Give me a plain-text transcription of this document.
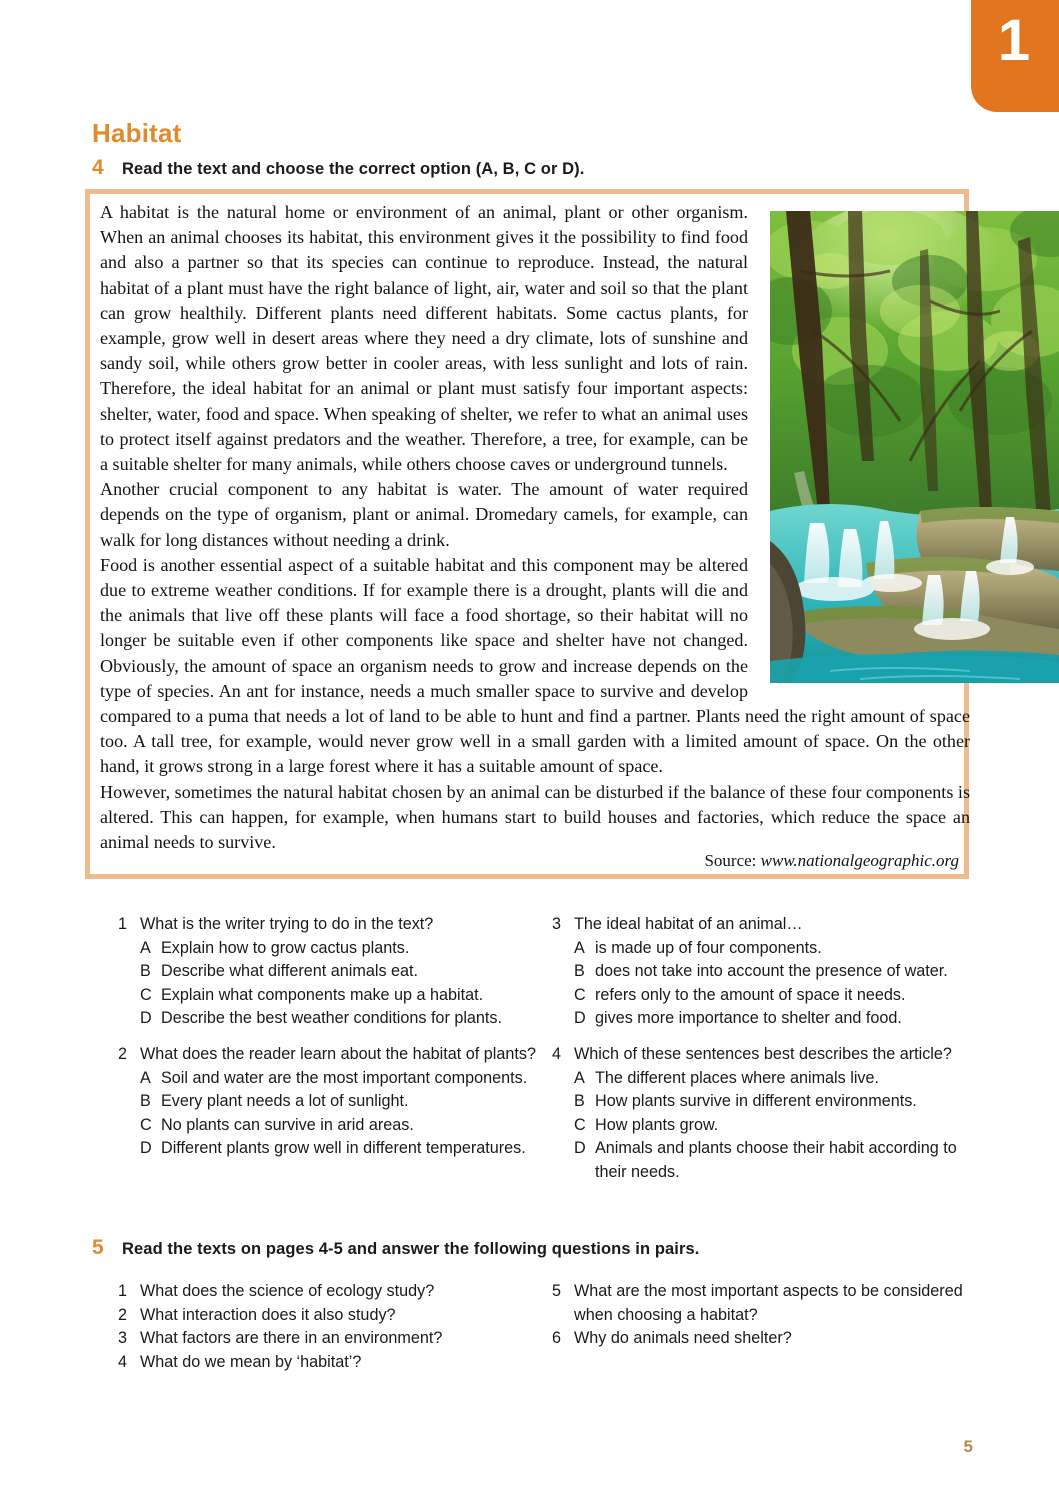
1
Habitat
4	Read the text and choose the correct option (A, B, C or D).

A habitat is the natural home or environment of an animal, plant or other organism. When an animal chooses its habitat, this environment gives it the possibility to find food and also a partner so that its species can continue to reproduce. Instead, the natural habitat of a plant must have the right balance of light, air, water and soil so that the plant can grow healthily. Different plants need different habitats. Some cactus plants, for example, grow well in desert areas where they need a dry climate, lots of sunshine and sandy soil, while others grow better in cooler areas, with less sunlight and lots of rain. Therefore, the ideal habitat for an animal or plant must satisfy four important aspects: shelter, water, food and space. When speaking of shelter, we refer to what an animal uses to protect itself against predators and the weather. Therefore, a tree, for example, can be a suitable shelter for many animals, while others choose caves or underground tunnels.

Another crucial component to any habitat is water. The amount of water required depends on the type of organism, plant or animal. Dromedary camels, for example, can walk for long distances without needing a drink.

Food is another essential aspect of a suitable habitat and this component may be altered due to extreme weather conditions. If for example there is a drought, plants will die and the animals that live off these plants will face a food shortage, so their habitat will no longer be suitable even if other components like space and shelter have not changed. Obviously, the amount of space an organism needs to grow and increase depends on the type of species. An ant for instance, needs a much smaller space to survive and develop compared to a puma that needs a lot of land to be able to hunt and find a partner. Plants need the right amount of space too. A tall tree, for example, would never grow well in a small garden with a limited amount of space. On the other hand, it grows strong in a large forest where it has a suitable amount of space.

However, sometimes the natural habitat chosen by an animal can be disturbed if the balance of these four components is altered. This can happen, for example, when humans start to build houses and factories, which reduce the space an animal needs to survive.

Source: www.nationalgeographic.org
1 What is the writer trying to do in the text?
A Explain how to grow cactus plants.
B Describe what different animals eat.
C Explain what components make up a habitat.
D Describe the best weather conditions for plants.
2 What does the reader learn about the habitat of plants?
A Soil and water are the most important components.
B Every plant needs a lot of sunlight.
C No plants can survive in arid areas.
D Different plants grow well in different temperatures.
3 The ideal habitat of an animal…
A is made up of four components.
B does not take into account the presence of water.
C refers only to the amount of space it needs.
D gives more importance to shelter and food.
4 Which of these sentences best describes the article?
A The different places where animals live.
B How plants survive in different environments.
C How plants grow.
D Animals and plants choose their habit according to their needs.
5	Read the texts on pages 4-5 and answer the following questions in pairs.
1 What does the science of ecology study?
2 What interaction does it also study?
3 What factors are there in an environment?
4 What do we mean by ‘habitat’?
5 What are the most important aspects to be considered when choosing a habitat?
6 Why do animals need shelter?
5
